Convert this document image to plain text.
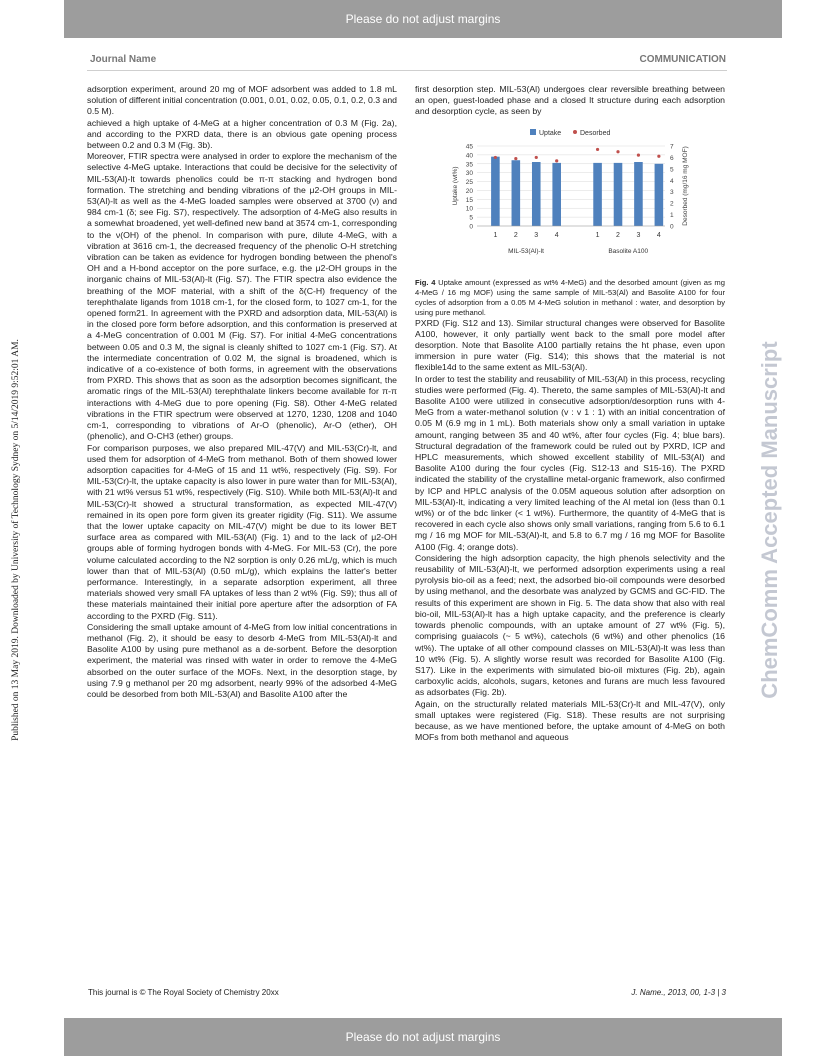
Please do not adjust margins
Journal Name	COMMUNICATION
Published on 13 May 2019. Downloaded by University of Technology Sydney on 5/14/2019 9:52:01 AM.	ChemComm Accepted Manuscript

adsorption experiment, around 20 mg of MOF adsorbent was added to 1.8 mL solution of different initial concentration (0.001, 0.01, 0.02, 0.05, 0.1, 0.2, 0.3 and 0.5 M).

achieved a high uptake of 4-MeG at a higher concentration of 0.3 M (Fig. 2a), and according to the PXRD data, there is an obvious gate opening process between 0.2 and 0.3 M (Fig. 3b).

Moreover, FTIR spectra were analysed in order to explore the mechanism of the selective 4-MeG uptake. Interactions that could be decisive for the selectivity of MIL-53(Al)-lt towards phenolics could be π-π stacking and hydrogen bond formation. The stretching and bending vibrations of the μ2-OH groups in MIL-53(Al)-lt as well as the 4-MeG loaded samples were observed at 3700 (ν) and 984 cm-1 (δ; see Fig. S7), respectively. The adsorption of 4-MeG also results in a somewhat broadened, yet well-defined new band at 3574 cm-1, corresponding to the ν(OH) of the phenol. In comparison with pure, dilute 4-MeG, with a vibration at 3616 cm-1, the decreased frequency of the phenolic O-H stretching vibration can be taken as evidence for hydrogen bonding between the phenol's OH and a H-bond acceptor on the pore surface, e.g. the μ2-OH groups in the inorganic chains of MIL-53(Al)-lt (Fig. S7). The FTIR spectra also evidence the breathing of the MOF material, with a shift of the δ(C-H) frequency of the terephthalate ligands from 1018 cm-1, for the closed form, to 1027 cm-1, for the opened form21. In agreement with the PXRD and adsorption data, MIL-53(Al) is in the closed pore form before adsorption, and this conformation is preserved at a 4-MeG concentration of 0.001 M (Fig. S7). For initial 4-MeG concentrations between 0.05 and 0.3 M, the signal is cleanly shifted to 1027 cm-1 (Fig. S7). At the intermediate concentration of 0.02 M, the signal is broadened, which is indicative of a co-existence of both forms, in agreement with the observations from PXRD. This shows that as soon as the adsorption becomes significant, the aromatic rings of the MIL-53(Al) terephthalate linkers become available for π-π interactions with 4-MeG due to pore opening (Fig. S8). Other 4-MeG related vibrations in the FTIR spectrum were observed at 1270, 1230, 1208 and 1040 cm-1, corresponding to vibrations of Ar-O (phenolic), Ar-O (ether), OH (phenolic), and O-CH3 (ether) groups.

For comparison purposes, we also prepared MIL-47(V) and MIL-53(Cr)-lt, and used them for adsorption of 4-MeG from methanol. Both of them showed lower adsorption capacities for 4-MeG of 15 and 11 wt%, respectively (Fig. S9). For MIL-53(Cr)-lt, the uptake capacity is also lower in pure water than for MIL-53(Al), with 21 wt% versus 51 wt%, respectively (Fig. S10). While both MIL-53(Al)-lt and MIL-53(Cr)-lt showed a structural transformation, as expected MIL-47(V) remained in its open pore form given its greater rigidity (Fig. S11). We assume that the lower uptake capacity on MIL-47(V) might be due to its lower BET surface area as compared with MIL-53(Al) (Fig. 1) and to the lack of μ2-OH groups able of forming hydrogen bonds with 4-MeG. For MIL-53 (Cr), the pore volume calculated according to the N2 sorption is only 0.26 mL/g, which is much lower than that of MIL-53(Al) (0.50 mL/g), which explains the latter's better performance. Interestingly, in a separate adsorption experiment, all three materials showed very small FA uptakes of less than 2 wt% (Fig. S9); thus all of these materials maintained their initial pore aperture after the adsorption of FA according to the PXRD (Fig. S11).

Considering the small uptake amount of 4-MeG from low initial concentrations in methanol (Fig. 2), it should be easy to desorb 4-MeG from MIL-53(Al)-lt and Basolite A100 by using pure methanol as a de-sorbent. Before the desorption experiment, the material was rinsed with water in order to remove the 4-MeG absorbed on the outer surface of the MOFs. Next, in the desorption stage, by using 7.9 g methanol per 20 mg adsorbent, nearly 99% of the adsorbed 4-MeG could be desorbed from both MIL-53(Al) and Basolite A100 after the

first desorption step. MIL-53(Al) undergoes clear reversible breathing between an open, guest-loaded phase and a closed lt structure during each adsorption and desorption cycle, as seen by

Uptake	Desorbed
0
5
10
15
20
25
30
35
40
45
0
1
2
3
4
5
6
7
Uptake (wt%)	Desorbed (mg/16 mg MOF)
1 2 3 4	1 2 3 4
MIL-53(Al)-lt	Basolite A100

Fig. 4 Uptake amount (expressed as wt% 4-MeG) and the desorbed amount (given as mg 4-MeG / 16 mg MOF) using the same sample of MIL-53(Al) and Basolite A100 for four cycles of adsorption from a 0.05 M 4-MeG solution in methanol : water, and desorption by using pure methanol.

PXRD (Fig. S12 and 13). Similar structural changes were observed for Basolite A100, however, it only partially went back to the small pore model after desorption. Note that Basolite A100 partially retains the ht phase, even upon immersion in pure water (Fig. S14); this shows that the material is not flexible14d to the same extent as MIL-53(Al).

In order to test the stability and reusability of MIL-53(Al) in this process, recycling studies were performed (Fig. 4). Thereto, the same samples of MIL-53(Al)-lt and Basolite A100 were utilized in consecutive adsorption/desorption runs with 4-MeG from a water-methanol solution (v : v 1 : 1) with an initial concentration of 0.05 M (6.9 mg in 1 mL). Both materials show only a small variation in uptake amount, ranging between 35 and 40 wt%, after four cycles (Fig. 4; blue bars). Structural degradation of the framework could be ruled out by PXRD, ICP and HPLC measurements, which showed excellent stability of MIL-53(Al) and Basolite A100 during the four cycles (Fig. S12-13 and S15-16). The PXRD indicated the stability of the crystalline metal-organic framework, also confirmed by ICP and HPLC analysis of the 0.05M aqueous solution after adsorption on MIL-53(Al)-lt, indicating a very limited leaching of the Al metal ion (less than 0.1 wt%) or of the bdc linker (< 1 wt%). Furthermore, the quantity of 4-MeG that is recovered in each cycle also shows only small variations, ranging from 5.6 to 6.1 mg / 16 mg MOF for MIL-53(Al)-lt, and 5.8 to 6.7 mg / 16 mg MOF for Basolite A100 (Fig. 4; orange dots).

Considering the high adsorption capacity, the high phenols selectivity and the reusability of MIL-53(Al)-lt, we performed adsorption experiments using a real pyrolysis bio-oil as a feed; next, the adsorbed bio-oil compounds were desorbed by using methanol, and the desorbate was analyzed by GCMS and GC-FID. The results of this experiment are shown in Fig. 5. The data show that also with real bio-oil, MIL-53(Al)-lt has a high uptake capacity, and the preference is clearly towards phenolic compounds, with an uptake amount of 27 wt% (Fig. 5), comprising guaiacols (~ 5 wt%), catechols (6 wt%) and other phenolics (16 wt%). The uptake of all other compound classes on MIL-53(Al)-lt was less than 10 wt% (Fig. 5). A slightly worse result was recorded for Basolite A100 (Fig. S17). Like in the experiments with simulated bio-oil mixtures (Fig. 2b), again carboxylic acids, alcohols, sugars, ketones and furans are much less favoured as adsorbates (Fig. 2b).

Again, on the structurally related materials MIL-53(Cr)-lt and MIL-47(V), only small uptakes were registered (Fig. S18). These results are not surprising because, as we have mentioned before, the uptake amount of 4-MeG on both MOFs from both methanol and aqueous

This journal is © The Royal Society of Chemistry 20xx	J. Name., 2013, 00, 1-3 | 3
Please do not adjust margins
